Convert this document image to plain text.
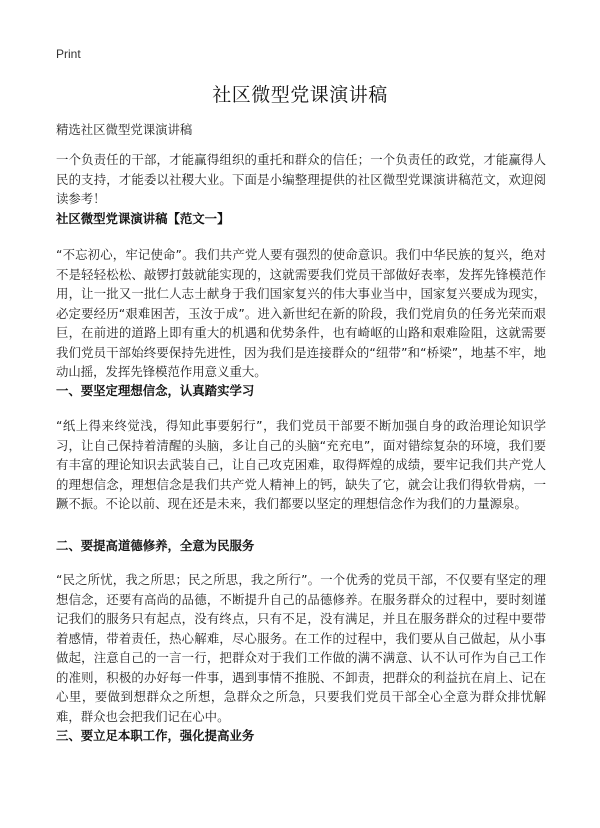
Print
社区微型党课演讲稿
精选社区微型党课演讲稿
一个负责任的干部，才能赢得组织的重托和群众的信任；一个负责任的政党，才能赢得人民的支持，才能委以社稷大业。下面是小编整理提供的社区微型党课演讲稿范文，欢迎阅读参考！
社区微型党课演讲稿【范文一】
“不忘初心，牢记使命”。我们共产党人要有强烈的使命意识。我们中华民族的复兴，绝对不是轻轻松松、敲锣打鼓就能实现的，这就需要我们党员干部做好表率，发挥先锋模范作用，让一批又一批仁人志士献身于我们国家复兴的伟大事业当中，国家复兴要成为现实，必定要经历“艰难困苦，玉汝于成”。进入新世纪在新的阶段，我们党肩负的任务光荣而艰巨，在前进的道路上即有重大的机遇和优势条件，也有崎岖的山路和艰难险阻，这就需要我们党员干部始终要保持先进性，因为我们是连接群众的“纽带”和“桥梁”，地基不牢，地动山摇，发挥先锋模范作用意义重大。
一、要坚定理想信念，认真踏实学习
“纸上得来终觉浅，得知此事要躬行”，我们党员干部要不断加强自身的政治理论知识学习，让自己保持着清醒的头脑，多让自己的头脑“充充电”，面对错综复杂的环境，我们要有丰富的理论知识去武装自己，让自己攻克困难，取得辉煌的成绩，要牢记我们共产党人的理想信念，理想信念是我们共产党人精神上的钙，缺失了它，就会让我们得软骨病，一蹶不振。不论以前、现在还是未来，我们都要以坚定的理想信念作为我们的力量源泉。
二、要提高道德修养，全意为民服务
“民之所忧，我之所思；民之所思，我之所行”。一个优秀的党员干部，不仅要有坚定的理想信念，还要有高尚的品德，不断提升自己的品德修养。在服务群众的过程中，要时刻谨记我们的服务只有起点，没有终点，只有不足，没有满足，并且在服务群众的过程中要带着感情，带着责任，热心解难，尽心服务。在工作的过程中，我们要从自己做起，从小事做起，注意自己的一言一行，把群众对于我们工作做的满不满意、认不认可作为自己工作的准则，积极的办好每一件事，遇到事情不推脱、不卸责，把群众的利益抗在肩上、记在心里，要做到想群众之所想，急群众之所急，只要我们党员干部全心全意为群众排忧解难，群众也会把我们记在心中。
三、要立足本职工作，强化提高业务
